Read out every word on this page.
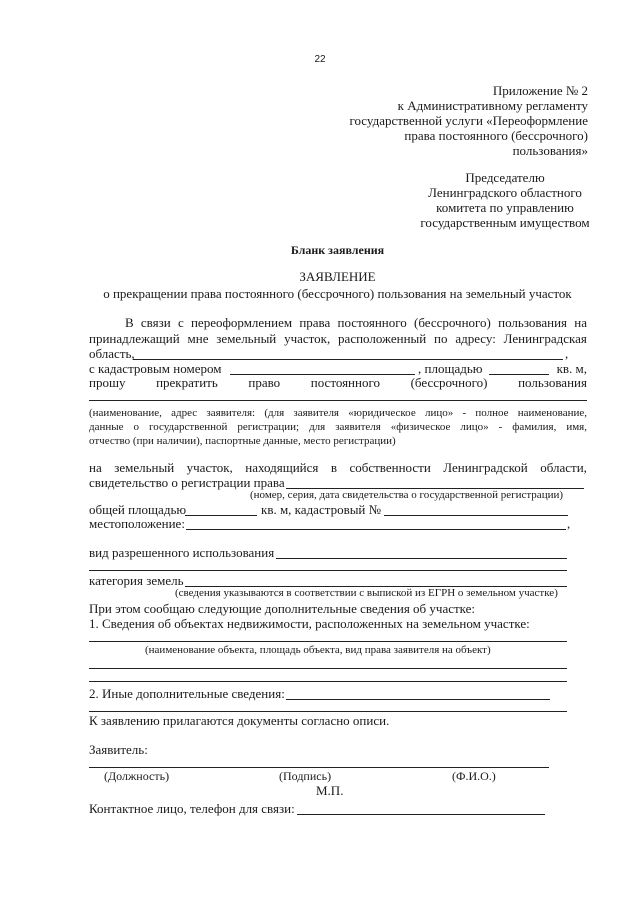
22
Приложение № 2
к Административному регламенту
государственной услуги «Переоформление
права постоянного (бессрочного)
пользования»
Председателю
Ленинградского областного
комитета по управлению
государственным имуществом
Бланк заявления
ЗАЯВЛЕНИЕ
о прекращении права постоянного (бессрочного) пользования на земельный участок
В связи с переоформлением права постоянного (бессрочного) пользования на
принадлежащий мне земельный участок, расположенный по адресу: Ленинградская
область,	,
с кадастровым номером	, площадью	кв. м,
прошу прекратить право постоянного (бессрочного) пользования
(наименование, адрес заявителя: (для заявителя «юридическое лицо» - полное наименование,
данные о государственной регистрации; для заявителя «физическое лицо» - фамилия, имя,
отчество (при наличии), паспортные данные, место регистрации)
на земельный участок, находящийся в собственности Ленинградской области,
свидетельство о регистрации права
(номер, серия, дата свидетельства о государственной регистрации)
общей площадью	кв. м, кадастровый №
местоположение:	,
вид разрешенного использования
категория земель
(сведения указываются в соответствии с выпиской из ЕГРН о земельном участке)
При этом сообщаю следующие дополнительные сведения об участке:
1. Сведения об объектах недвижимости, расположенных на земельном участке:
(наименование объекта, площадь объекта, вид права заявителя на объект)
2. Иные дополнительные сведения:
К заявлению прилагаются документы согласно описи.
Заявитель:
(Должность)	(Подпись)	(Ф.И.О.)
М.П.
Контактное лицо, телефон для связи:
